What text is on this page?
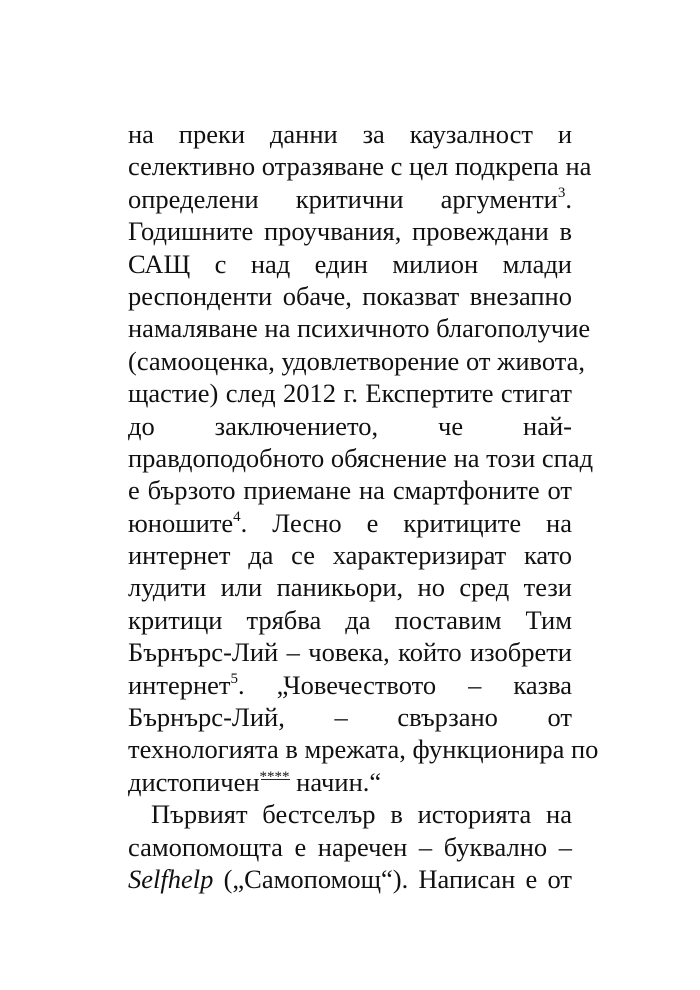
на преки данни за каузалност и
селективно отразяване с цел подкрепа на
определени критични аргументи$^3$.
Годишните проучвания, провеждани в
САЩ с над един милион млади
респонденти обаче, показват внезапно
намаляване на психичното благополучие
(самооценка, удовлетворение от живота,
щастие) след 2012 г. Експертите стигат
до заключението, че най-
правдоподобното обяснение на този спад
е бързото приемане на смартфоните от
юношите$^4$. Лесно е критиците на
интернет да се характеризират като
лудити или паникьори, но сред тези
критици трябва да поставим Тим
Бърнърс-Лий – човека, който изобрети
интернет$^5$. „Човечеството – казва
Бърнърс-Лий, – свързано от
технологията в мрежата, функционира по
дистопичен****
начин.“
Първият бестселър в историята на
самопомощта е наречен – буквално –
Selfhelp („Самопомощ“). Написан е от
